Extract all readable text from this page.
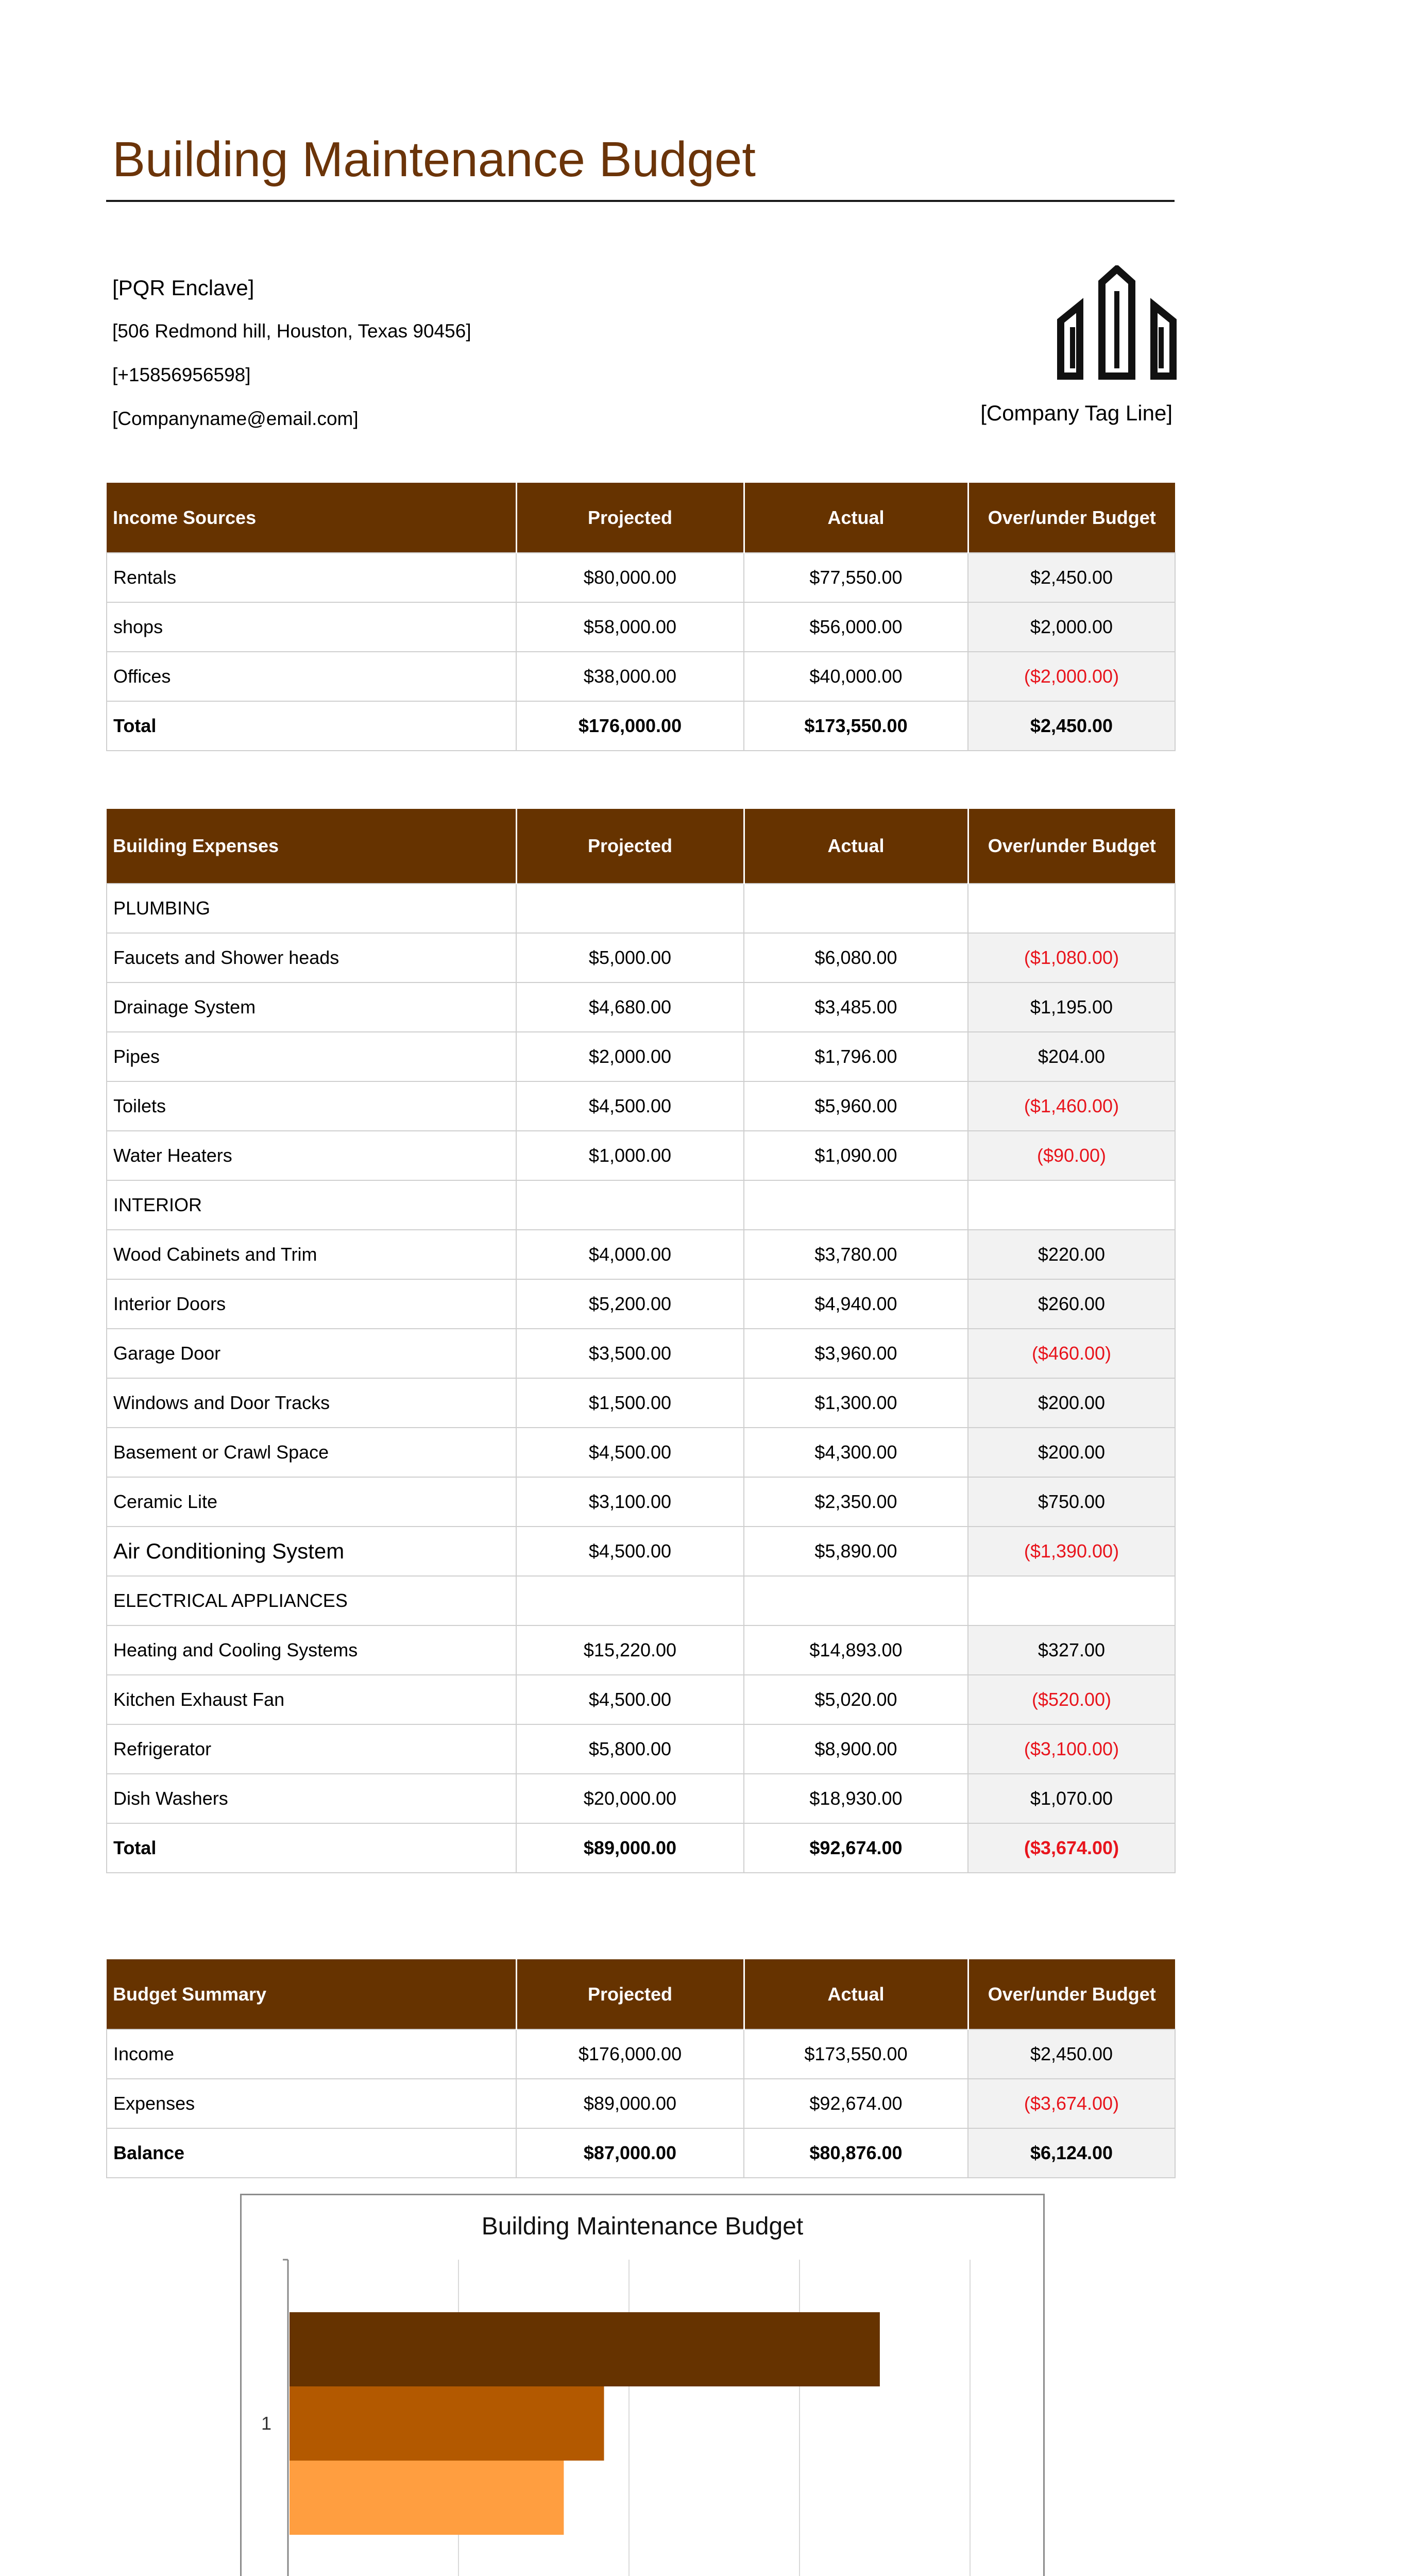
Building Maintenance Budget
[PQR Enclave]
[506 Redmond hill, Houston, Texas 90456]
[+15856956598]
[Companyname@email.com]	[Company Tag Line]
Income Sources	Projected	Actual	Over/under Budget
Rentals	$80,000.00	$77,550.00	$2,450.00
shops	$58,000.00	$56,000.00	$2,000.00
Offices	$38,000.00	$40,000.00	($2,000.00)
Total	$176,000.00	$173,550.00	$2,450.00
Building Expenses	Projected	Actual	Over/under Budget
PLUMBING			
Faucets and Shower heads	$5,000.00	$6,080.00	($1,080.00)
Drainage System	$4,680.00	$3,485.00	$1,195.00
Pipes	$2,000.00	$1,796.00	$204.00
Toilets	$4,500.00	$5,960.00	($1,460.00)
Water Heaters	$1,000.00	$1,090.00	($90.00)
INTERIOR			
Wood Cabinets and Trim	$4,000.00	$3,780.00	$220.00
Interior Doors	$5,200.00	$4,940.00	$260.00
Garage Door	$3,500.00	$3,960.00	($460.00)
Windows and Door Tracks	$1,500.00	$1,300.00	$200.00
Basement or Crawl Space	$4,500.00	$4,300.00	$200.00
Ceramic Lite	$3,100.00	$2,350.00	$750.00
Air Conditioning System	$4,500.00	$5,890.00	($1,390.00)
ELECTRICAL APPLIANCES			
Heating and Cooling Systems	$15,220.00	$14,893.00	$327.00
Kitchen Exhaust Fan	$4,500.00	$5,020.00	($520.00)
Refrigerator	$5,800.00	$8,900.00	($3,100.00)
Dish Washers	$20,000.00	$18,930.00	$1,070.00
Total	$89,000.00	$92,674.00	($3,674.00)
Budget Summary	Projected	Actual	Over/under Budget
Income	$176,000.00	$173,550.00	$2,450.00
Expenses	$89,000.00	$92,674.00	($3,674.00)
Balance	$87,000.00	$80,876.00	$6,124.00
Building Maintenance Budget
1
